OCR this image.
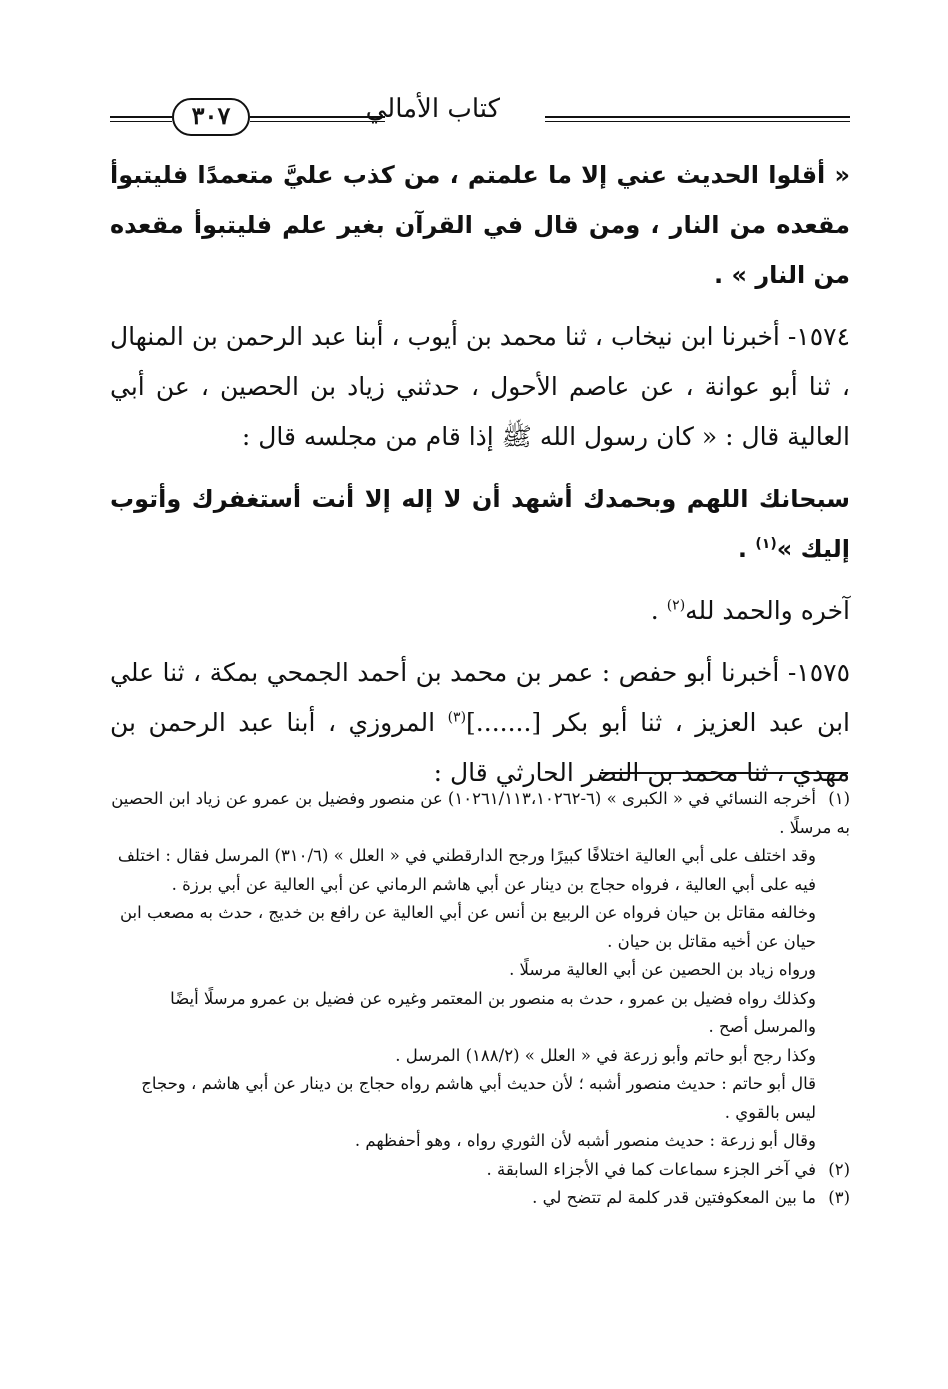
٣٠٧	كتاب الأمالي

« أقلوا الحديث عني إلا ما علمتم ، من كذب عليَّ متعمدًا فليتبوأ مقعده من النار ، ومن قال في القرآن بغير علم فليتبوأ مقعده من النار » .

١٥٧٤- أخبرنا ابن نيخاب ، ثنا محمد بن أيوب ، أبنا عبد الرحمن بن المنهال ، ثنا أبو عوانة ، عن عاصم الأحول ، حدثني زياد بن الحصين ، عن أبي العالية قال : « كان رسول الله ﷺ إذا قام من مجلسه قال :

سبحانك اللهم وبحمدك أشهد أن لا إله إلا أنت أستغفرك وأتوب إليك »$^{(١)}$ .

آخره والحمد لله$^{(٢)}$ .

١٥٧٥- أخبرنا أبو حفص : عمر بن محمد بن أحمد الجمحي بمكة ، ثنا علي ابن عبد العزيز ، ثنا أبو بكر [.......]$^{(٣)}$ المروزي ، أبنا عبد الرحمن بن مهدي ، ثنا محمد بن النضر الحارثي قال :

(١)أخرجه النسائي في « الكبرى » (٦-١٠٢٦١/١١٣،١٠٢٦٢) عن منصور وفضيل بن عمرو عن زياد ابن الحصين به مرسلًا .

وقد اختلف على أبي العالية اختلافًا كبيرًا ورجح الدارقطني في « العلل » (٣١٠/٦) المرسل فقال : اختلف فيه على أبي العالية ، فرواه حجاج بن دينار عن أبي هاشم الرماني عن أبي العالية عن أبي برزة .

وخالفه مقاتل بن حيان فرواه عن الربيع بن أنس عن أبي العالية عن رافع بن خديج ، حدث به مصعب ابن حيان عن أخيه مقاتل بن حيان .

ورواه زياد بن الحصين عن أبي العالية مرسلًا .

وكذلك رواه فضيل بن عمرو ، حدث به منصور بن المعتمر وغيره عن فضيل بن عمرو مرسلًا أيضًا والمرسل أصح .

وكذا رجح أبو حاتم وأبو زرعة في « العلل » (١٨٨/٢) المرسل .

قال أبو حاتم : حديث منصور أشبه ؛ لأن حديث أبي هاشم رواه حجاج بن دينار عن أبي هاشم ، وحجاج ليس بالقوي .

وقال أبو زرعة : حديث منصور أشبه لأن الثوري رواه ، وهو أحفظهم .

(٢)في آخر الجزء سماعات كما في الأجزاء السابقة .

(٣)ما بين المعكوفتين قدر كلمة لم تتضح لي .
